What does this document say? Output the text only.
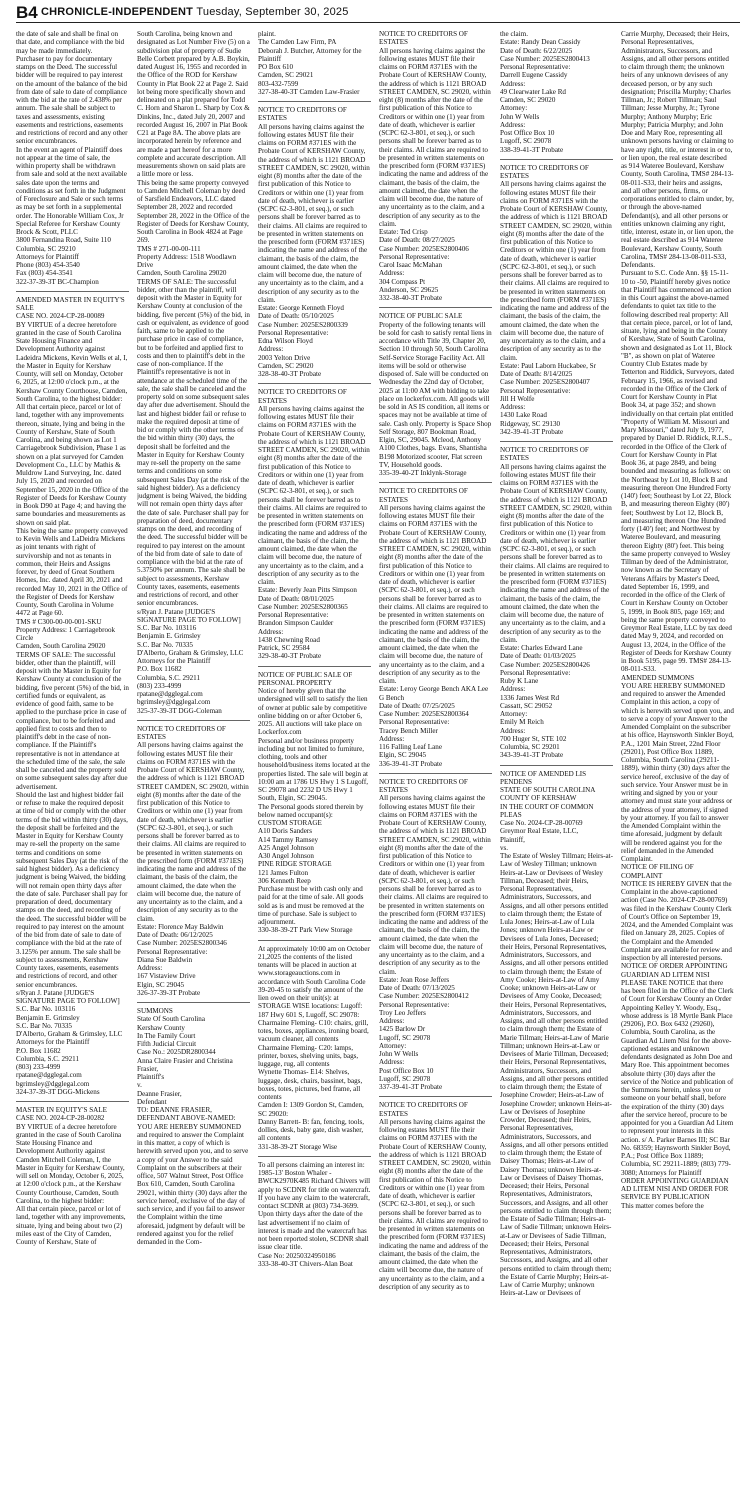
B4 CHRONICLE-INDEPENDENT Tuesday, September 30, 2025

the date of sale and shall be final on that date, and compliance with the bid may be made immediately.
Purchaser to pay for documentary stamps on the Deed. The successful bidder will be required to pay interest on the amount of the balance of the bid from date of sale to date of compliance with the bid at the rate of 2.438% per annum. The sale shall be subject to taxes and assessments, existing easements and restrictions, easements and restrictions of record and any other senior encumbrances.
In the event an agent of Plaintiff does not appear at the time of sale, the within property shall be withdrawn from sale and sold at the next available sales date upon the terms and conditions as set forth in the Judgment of Foreclosure and Sale or such terms as may be set forth in a supplemental order. The Honorable William Cox, Jr Special Referee for Kershaw County
Brock & Scott, PLLC
3800 Fernandina Road, Suite 110
Columbia, SC 29210
Attorneys for Plaintiff
Phone (803) 454-3540
Fax (803) 454-3541
322-37-39-3T BC-Champion

AMENDED MASTER IN EQUITY'S SALE
CASE NO. 2024-CP-28-00089
BY VIRTUE of a decree heretofore granted in the case of South Carolina State Housing Finance and Development Authority against Ladeidra Mickens, Kevin Wells et al, I, the Master in Equity for Kershaw County, will sell on Monday, October 6, 2025, at 12:00 o'clock p.m., at the Kershaw County Courthouse, Camden, South Carolina, to the highest bidder:
All that certain piece, parcel or lot of land, together with any improvements thereon, situate, lying and being in the County of Kershaw, State of South Carolina, and being shown as Lot 1 Carriagebrook Subdivision, Phase 1 as shown on a plat surveyed for Camden Development Co., LLC by Mathis & Muldrow Land Surveying, Inc. dated July 15, 2020 and recorded on September 15, 2020 in the Office of the Register of Deeds for Kershaw County in Book D90 at Page 4; and having the same boundaries and measurements as shown on said plat.
This being the same property conveyed to Kevin Wells and LaDeidra Mickens as joint tenants with right of survivorship and not as tenants in common, their Heirs and Assigns forever, by deed of Great Southern Homes, Inc. dated April 30, 2021 and recorded May 10, 2021 in the Office of the Register of Deeds for Kershaw County, South Carolina in Volume 4472 at Page 60.
TMS # C300-00-00-001-SKU
Property Address: 1 Carriagebrook Circle
Camden, South Carolina 29020
TERMS OF SALE: The successful bidder, other than the plaintiff, will deposit with the Master in Equity for Kershaw County at conclusion of the bidding, five percent (5%) of the bid, in certified funds or equivalent, as evidence of good faith, same to be applied to the purchase price in case of compliance, but to be forfeited and applied first to costs and then to plaintiff's debt in the case of non-compliance. If the Plaintiff's representative is not in attendance at the scheduled time of the sale, the sale shall be canceled and the property sold on some subsequent sales day after due advertisement.
Should the last and highest bidder fail or refuse to make the required deposit at time of bid or comply with the other terms of the bid within thirty (30) days, the deposit shall be forfeited and the Master in Equity for Kershaw County may re-sell the property on the same terms and conditions on some subsequent Sales Day (at the risk of the said highest bidder). As a deficiency judgment is being Waived, the bidding will not remain open thirty days after the date of sale. Purchaser shall pay for preparation of deed, documentary stamps on the deed, and recording of the deed. The successful bidder will be required to pay interest on the amount of the bid from date of sale to date of compliance with the bid at the rate of 3.125% per annum. The sale shall be subject to assessments, Kershaw County taxes, easements, easements and restrictions of record, and other senior encumbrances.
s/Ryan J. Patane [JUDGE'S SIGNATURE PAGE TO FOLLOW]
S.C. Bar No. 103116
Benjamin E. Grimsley
S.C. Bar No. 70335
D'Alberto, Graham & Grimsley, LLC
Attorneys for the Plaintiff
P.O. Box 11682
Columbia, S.C. 29211
(803) 233-4999
rpatane@dgglegal.com
bgrimsley@dgglegal.com
324-37-39-3T DGG-Mickens

MASTER IN EQUITY'S SALE
CASE NO. 2024-CP-28-00282
BY VIRTUE of a decree heretofore granted in the case of South Carolina State Housing Finance and Development Authority against Camden Mitchell Coleman, I, the Master in Equity for Kershaw County, will sell on Monday, October 6, 2025, at 12:00 o'clock p.m., at the Kershaw County Courthouse, Camden, South Carolina, to the highest bidder:
All that certain piece, parcel or lot of land, together with any improvements, situate, lying and being about two (2) miles east of the City of Camden, County of Kershaw, State of

South Carolina, being known and designated as Lot Number Five (5) on a subdivision plat of property of Sudie Belle Corbett prepared by A.B. Boykin, dated August 16, 1955 and recorded in the Office of the ROD for Kershaw County in Plat Book 22 at Page 2. Said lot being more specifically shown and delineated on a plat prepared for Todd C. Horn and Sharon L. Sharp by Cox & Dinkins, Inc., dated July 20, 2007 and recorded August 16, 2007 in Plat Book C21 at Page 8A. The above plats are incorporated herein by reference and are made a part hereof for a more complete and accurate description. All measurements shown on said plats are a little more or less.
This being the same property conveyed to Camden Mitchell Coleman by deed of Sarsfield Endeavors, LLC dated September 28, 2022 and recorded September 28, 2022 in the Office of the Register of Deeds for Kershaw County, South Carolina in Book 4824 at Page 269.
TMS # 271-00-00-111
Property Address: 1518 Woodlawn Drive
Camden, South Carolina 29020
TERMS OF SALE: The successful bidder, other than the plaintiff, will deposit with the Master in Equity for Kershaw County at conclusion of the bidding, five percent (5%) of the bid, in cash or equivalent, as evidence of good faith, same to be applied to the purchase price in case of compliance, but to be forfeited and applied first to costs and then to plaintiff's debt in the case of non-compliance. If the Plaintiff's representative is not in attendance at the scheduled time of the sale, the sale shall be canceled and the property sold on some subsequent sales day after due advertisement. Should the last and highest bidder fail or refuse to make the required deposit at time of bid or comply with the other terms of the bid within thirty (30) days, the deposit shall be forfeited and the Master in Equity for Kershaw County may re-sell the property on the same terms and conditions on some subsequent Sales Day (at the risk of the said highest bidder). As a deficiency judgment is being Waived, the bidding will not remain open thirty days after the date of sale. Purchaser shall pay for preparation of deed, documentary stamps on the deed, and recording of the deed. The successful bidder will be required to pay interest on the amount of the bid from date of sale to date of compliance with the bid at the rate of 5.3750% per annum. The sale shall be subject to assessments, Kershaw County taxes, easements, easements and restrictions of record, and other senior encumbrances.
s/Ryan J. Patane [JUDGE'S SIGNATURE PAGE TO FOLLOW]
S.C. Bar No. 103116
Benjamin E. Grimsley
S.C. Bar No. 70335
D'Alberto, Graham & Grimsley, LLC
Attorneys for the Plaintiff
P.O. Box 11682
Columbia, S.C. 29211
(803) 233-4999
rpatane@dgglegal.com
bgrimsley@dgglegal.com
325-37-39-3T DGG-Coleman

NOTICE TO CREDITORS OF ESTATES
All persons having claims against the following estates MUST file their claims on FORM #371ES with the Probate Court of KERSHAW County, the address of which is 1121 BROAD STREET CAMDEN, SC 29020, within eight (8) months after the date of the first publication of this Notice to Creditors or within one (1) year from date of death, whichever is earlier (SCPC 62-3-801, et seq.), or such persons shall be forever barred as to their claims. All claims are required to be presented in written statements on the prescribed form (FORM #371ES) indicating the name and address of the claimant, the basis of the claim, the amount claimed, the date when the claim will become due, the nature of any uncertainty as to the claim, and a description of any security as to the claim.
Estate: Florence May Baldwin
Date of Death: 06/12/2025
Case Number: 2025ES2800346
Personal Representative:
Diana Sue Baldwin
Address:
167 Vistaview Drive
Elgin, SC 29045
326-37-39-3T Probate

SUMMONS
State Of South Carolina
Kershaw County
In The Family Court
Fifth Judicial Circuit
Case No.: 2025DR2800344
Anna Claire Frasier and Christina Frasier,
Plaintiff's
v.
Deanne Frasier,
Defendant
TO: DEANNE FRASIER, DEFENDANT ABOVE-NAMED:
YOU ARE HEREBY SUMMONED and required to answer the Complaint in this matter, a copy of which is herewith served upon you, and to serve a copy of your Answer to the said Complaint on the subscribers at their office, 507 Walnut Street, Post Office Box 610, Camden, South Carolina 29021, within thirty (30) days after the service hereof, exclusive of the day of such service, and if you fail to answer the Complaint within the time aforesaid, judgment by default will be rendered against you for the relief demanded in the Com-

plaint.
The Camden Law Firm, PA
Deborah J. Butcher, Attorney for the Plaintiff
PO Box 610
Camden, SC 29021
803-432-7599
327-38-40-3T Camden Law-Frasier

NOTICE TO CREDITORS OF ESTATES
All persons having claims against the following estates MUST file their claims on FORM #371ES with the Probate Court of KERSHAW County, the address of which is 1121 BROAD STREET CAMDEN, SC 29020, within eight (8) months after the date of the first publication of this Notice to Creditors or within one (1) year from date of death, whichever is earlier (SCPC 62-3-801, et seq.), or such persons shall be forever barred as to their claims. All claims are required to be presented in written statements on the prescribed form (FORM #371ES) indicating the name and address of the claimant, the basis of the claim, the amount claimed, the date when the claim will become due, the nature of any uncertainty as to the claim, and a description of any security as to the claim.
Estate: George Kenneth Floyd
Date of Death: 05/10/2025
Case Number: 2025ES2800339
Personal Representative:
Edna Wilson Floyd
Address:
2003 Yelton Drive
Camden, SC 29020
328-38-40-3T Probate

NOTICE TO CREDITORS OF ESTATES
All persons having claims against the following estates MUST file their claims on FORM #371ES with the Probate Court of KERSHAW County, the address of which is 1121 BROAD STREET CAMDEN, SC 29020, within eight (8) months after the date of the first publication of this Notice to Creditors or within one (1) year from date of death, whichever is earlier (SCPC 62-3-801, et seq.), or such persons shall be forever barred as to their claims. All claims are required to be presented in written statements on the prescribed form (FORM #371ES) indicating the name and address of the claimant, the basis of the claim, the amount claimed, the date when the claim will become due, the nature of any uncertainty as to the claim, and a description of any security as to the claim.
Estate: Beverly Jean Pitts Simpson
Date of Death: 08/01/2025
Case Number: 2025ES2800365
Personal Representative:
Brandon Simpson Caulder
Address:
1438 Chewning Road
Patrick, SC 29584
329-38-40-3T Probate

NOTICE OF PUBLIC SALE OF PERSONAL PROPERTY
Notice of hereby given that the undersigned will sell to satisfy the lien of owner at public sale by competitive online bidding on or after October 6, 2025. All auctions will take place on Lockerfox.com
Personal and/or business property including but not limited to furniture, clothing, tools and other household/business items located at the properties listed. The sale will begin at 10:00 am at 1786 US Hwy 1 S Lugoff, SC 29078 and 2232 D US Hwy 1 South, Elgin, SC 29045.
The Personal goods stored therein by below named occupant(s):
CUSTOM STORAGE
A10 Doris Sanders
A14 Tammy Ramsey
A25 Angel Johnson
A30 Angel Johnson
PINE RIDGE STORAGE
121 James Fulton
306 Kenneth Reep
Purchase must be with cash only and paid for at the time of sale. All goods sold as is and must be removed at the time of purchase. Sale is subject to adjournment.
330-38-39-2T Park View Storage

At approximately 10:00 am on October 21,2025 the contents of the listed tenants will be placed in auction at www.storageauctions.com in accordance with South Carolina Code 39-20-45 to satisfy the amount of the lien owed on their unit(s): at STORAGE WISE locations: Lugoff: 187 Hwy 601 S, Lugoff, SC 29078:
Charmaine Fleming- C10: chairs, grill, totes, boxes, appliances, ironing board, vacuum cleaner, all contents
Charmaine Fleming- C20: lamps, printer, boxes, shelving units, bags, luggage, rug, all contents
Wynette Thomas- E14: Shelves, luggage, desk, chairs, bassinet, bags, boxes, totes, pictures, bed frame, all contents
Camden I: 1309 Gordon St, Camden, SC 29020:
Danny Barrett- B: fan, fencing, tools, dollies, desk, baby gate, dish washer, all contents
331-38-39-2T Storage Wise

To all persons claiming an interest in: 1985-13' Boston Whaler - BWCK2970K485 Richard Chivers will apply to SCDNR for title on watercraft. If you have any claim to the watercraft, contact SCDNR at (803) 734-3699. Upon thirty days after the date of the last advertisement if no claim of interest is made and the watercraft has not been reported stolen, SCDNR shall issue clear title.
Case No: 20250324950186
333-38-40-3T Chivers-Alan Boat

NOTICE TO CREDITORS OF ESTATES
All persons having claims against the following estates MUST file their claims on FORM #371ES with the Probate Court of KERSHAW County, the address of which is 1121 BROAD STREET CAMDEN, SC 29020, within eight (8) months after the date of the first publication of this Notice to Creditors or within one (1) year from date of death, whichever is earlier (SCPC 62-3-801, et seq.), or such persons shall be forever barred as to their claims. All claims are required to be presented in written statements on the prescribed form (FORM #371ES) indicating the name and address of the claimant, the basis of the claim, the amount claimed, the date when the claim will become due, the nature of any uncertainty as to the claim, and a description of any security as to the claim.
Estate: Ted Crisp
Date of Death: 08/27/2025
Case Number: 2025ES2800406
Personal Representative:
Carol Isaac McMahan
Address:
304 Compass Pt
Anderson, SC 29625
332-38-40-3T Probate

NOTICE OF PUBLIC SALE
Property of the following tenants will be sold for cash to satisfy rental liens in accordance with Title 39, Chapter 20, Section 10 through 50, South Carolina Self-Service Storage Facility Act. All items will be sold or otherwise disposed of. Sale will be conducted on Wednesday the 22nd day of October, 2025 at 11:00 AM with bidding to take place on lockerfox.com. All goods will be sold in AS IS condition, all items or spaces may not be available at time of sale. Cash only. Property is Space Shop Self Storage, 807 Bookman Road, Elgin, SC, 29045. Mcleod, Anthony A100 Clothes, bags. Evans, Shantisha B198 Motorized scooter, Flat screen TV, Household goods.
335-39-40-2T Inklynk-Storage

NOTICE TO CREDITORS OF ESTATES
All persons having claims against the following estates MUST file their claims on FORM #371ES with the Probate Court of KERSHAW County, the address of which is 1121 BROAD STREET CAMDEN, SC 29020, within eight (8) months after the date of the first publication of this Notice to Creditors or within one (1) year from date of death, whichever is earlier (SCPC 62-3-801, et seq.), or such persons shall be forever barred as to their claims. All claims are required to be presented in written statements on the prescribed form (FORM #371ES) indicating the name and address of the claimant, the basis of the claim, the amount claimed, the date when the claim will become due, the nature of any uncertainty as to the claim, and a description of any security as to the claim.
Estate: Leroy George Bench AKA Lee G Bench
Date of Death: 07/25/2025
Case Number: 2025ES2800364
Personal Representative:
Tracey Bench Miller
Address:
116 Falling Leaf Lane
Elgin, SC 29045
336-39-41-3T Probate

NOTICE TO CREDITORS OF ESTATES
All persons having claims against the following estates MUST file their claims on FORM #371ES with the Probate Court of KERSHAW County, the address of which is 1121 BROAD STREET CAMDEN, SC 29020, within eight (8) months after the date of the first publication of this Notice to Creditors or within one (1) year from date of death, whichever is earlier (SCPC 62-3-801, et seq.), or such persons shall be forever barred as to their claims. All claims are required to be presented in written statements on the prescribed form (FORM #371ES) indicating the name and address of the claimant, the basis of the claim, the amount claimed, the date when the claim will become due, the nature of any uncertainty as to the claim, and a description of any security as to the claim.
Estate: Jean Rose Jeffers
Date of Death: 07/13/2025
Case Number: 2025ES2800412
Personal Representative:
Troy Leo Jeffers
Address:
1425 Barlow Dr
Lugoff, SC 29078
Attorney:
John W Wells
Address:
Post Office Box 10
Lugoff, SC 29078
337-39-41-3T Probate

NOTICE TO CREDITORS OF ESTATES
All persons having claims against the following estates MUST file their claims on FORM #371ES with the Probate Court of KERSHAW County, the address of which is 1121 BROAD STREET CAMDEN, SC 29020, within eight (8) months after the date of the first publication of this Notice to Creditors or within one (1) year from date of death, whichever is earlier (SCPC 62-3-801, et seq.), or such persons shall be forever barred as to their claims. All claims are required to be presented in written statements on the prescribed form (FORM #371ES) indicating the name and address of the claimant, the basis of the claim, the amount claimed, the date when the claim will become due, the nature of any uncertainty as to the claim, and a description of any security as to

the claim.
Estate: Randy Dean Cassidy
Date of Death: 6/22/2025
Case Number: 2025ES2800413
Personal Representative:
Darrell Eugene Cassidy
Address:
49 Clearwater Lake Rd
Camden, SC 29020
Attorney:
John W Wells
Address:
Post Office Box 10
Lugoff, SC 29078
338-39-41-3T Probate

NOTICE TO CREDITORS OF ESTATES
All persons having claims against the following estates MUST file their claims on FORM #371ES with the Probate Court of KERSHAW County, the address of which is 1121 BROAD STREET CAMDEN, SC 29020, within eight (8) months after the date of the first publication of this Notice to Creditors or within one (1) year from date of death, whichever is earlier (SCPC 62-3-801, et seq.), or such persons shall be forever barred as to their claims. All claims are required to be presented in written statements on the prescribed form (FORM #371ES) indicating the name and address of the claimant, the basis of the claim, the amount claimed, the date when the claim will become due, the nature of any uncertainty as to the claim, and a description of any security as to the claim.
Estate: Paul Laborn Huckabee, Sr
Date of Death: 8/14/2025
Case Number: 2025ES2800407
Personal Representative:
Jill H Wolfe
Address:
1430 Lake Road
Ridgeway, SC 29130
342-39-41-3T Probate

NOTICE TO CREDITORS OF ESTATES
All persons having claims against the following estates MUST file their claims on FORM #371ES with the Probate Court of KERSHAW County, the address of which is 1121 BROAD STREET CAMDEN, SC 29020, within eight (8) months after the date of the first publication of this Notice to Creditors or within one (1) year from date of death, whichever is earlier (SCPC 62-3-801, et seq.), or such persons shall be forever barred as to their claims. All claims are required to be presented in written statements on the prescribed form (FORM #371ES) indicating the name and address of the claimant, the basis of the claim, the amount claimed, the date when the claim will become due, the nature of any uncertainty as to the claim, and a description of any security as to the claim.
Estate: Charles Edward Lane
Date of Death: 01/03/2025
Case Number: 2025ES2800426
Personal Representative:
Ruby K Lane
Address:
1336 James West Rd
Cassatt, SC 29052
Attorney:
Emily M Reich
Address:
700 Huger St, STE 102
Columbia, SC 29201
343-39-41-3T Probate

NOTICE OF AMENDED LIS PENDENS
STATE OF SOUTH CAROLINA
COUNTY OF KERSHAW
IN THE COURT OF COMMON PLEAS
Case No. 2024-CP-28-00769
Greymor Real Estate, LLC,
Plaintiff,
vs.
The Estate of Wesley Tillman; Heirs-at-Law of Wesley Tillman; unknown Heirs-at-Law or Devisees of Wesley Tillman, Deceased; their Heirs, Personal Representatives, Administrators, Successors, and Assigns, and all other persons entitled to claim through them; the Estate of Lula Jones; Heirs-at-Law of Lula Jones; unknown Heirs-at-Law or Devisees of Lula Jones, Deceased; their Heirs, Personal Representatives, Administrators, Successors, and Assigns, and all other persons entitled to claim through them; the Estate of Amy Cooke; Heirs-at-Law of Amy Cooke; unknown Heirs-at-Law or Devisees of Amy Cooke, Deceased; their Heirs, Personal Representatives, Administrators, Successors, and Assigns, and all other persons entitled to claim through them; the Estate of Marie Tillman; Heirs-at-Law of Marie Tillman; unknown Heirs-at-Law or Devisees of Marie Tillman, Deceased; their Heirs, Personal Representatives, Administrators, Successors, and Assigns, and all other persons entitled to claim through them; the Estate of Josephine Crowder; Heirs-at-Law of Josephine Crowder; unknown Heirs-at-Law or Devisees of Josephine Crowder, Deceased; their Heirs, Personal Representatives, Administrators, Successors, and Assigns, and all other persons entitled to claim through them; the Estate of Daisey Thomas; Heirs-at-Law of Daisey Thomas; unknown Heirs-at-Law or Devisees of Daisey Thomas, Deceased; their Heirs, Personal Representatives, Administrators, Successors, and Assigns, and all other persons entitled to claim through them; the Estate of Sadie Tillman; Heirs-at-Law of Sadie Tillman; unknown Heirs-at-Law or Devisees of Sadie Tillman, Deceased; their Heirs, Personal Representatives, Administrators, Successors, and Assigns, and all other persons entitled to claim through them; the Estate of Carrie Murphy; Heirs-at-Law of Carrie Murphy; unknown Heirs-at-Law or Devisees of

Carrie Murphy, Deceased; their Heirs, Personal Representatives, Administrators, Successors, and Assigns, and all other persons entitled to claim through them; the unknown heirs of any unknown devisees of any deceased person, or by any such designation; Priscilla Murphy; Charles Tillman, Jr.; Robert Tillman; Saul Tillman; Jesse Murphy, Jr.; Tyrone Murphy; Anthony Murphy; Eric Murphy; Patricia Murphy; and John Doe and Mary Roe, representing all unknown persons having or claiming to have any right, title, or interest in or to, or lien upon, the real estate described as 914 Wateree Boulevard, Kershaw County, South Carolina, TMS# 284-13-08-011-S33, their heirs and assigns, and all other persons, firms, or corporations entitled to claim under, by, or through the above-named Defendant(s), and all other persons or entities unknown claiming any right, title, interest, estate in, or lien upon, the real estate described as 914 Wateree Boulevard, Kershaw County, South Carolina, TMS# 284-13-08-011-S33,
Defendants.
Pursuant to S.C. Code Ann. §§ 15-11-10 to -50, Plaintiff hereby gives notice that Plaintiff has commenced an action in this Court against the above-named defendants to quiet tax title to the following described real property: All that certain piece, parcel, or lot of land, situate, lying and being in the County of Kershaw, State of South Carolina, shown and designated as Lot 11, Block "B", as shown on plat of Wateree Country Club Estates made by Tetterton and Riddick, Surveyors, dated February 15, 1966, as revised and recorded in the Office of the Clerk of Court for Kershaw County in Plat Book 34, at page 352; and shown individually on that certain plat entitled "Property of William M. Missouri and Mary Missouri," dated July 9, 1977, prepared by Daniel D. Riddick, R.L.S., recorded in the Office of the Clerk of Court for Kershaw County in Plat Book 36, at page 2849, and being bounded and measuring as follows: on the Northeast by Lot 10, Block B and measuring thereon One Hundred Forty (140') feet; Southeast by Lot 22, Block B, and measuring thereon Eighty (80') feet; Southwest by Lot 12, Block B, and measuring thereon One Hundred forty (140') feet; and Northwest by Wateree Boulevard, and measuring thereon Eighty (80') feet. This being the same property conveyed to Wesley Tillman by deed of the Administrator, now known as the Secretary of Veterans Affairs by Master's Deed, dated September 16, 1999, and recorded in the office of the Clerk of Court in Kershaw County on October 5, 1999, in Book 805, page 169; and being the same property conveyed to Greymor Real Estate, LLC by tax deed dated May 9, 2024, and recorded on August 13, 2024, in the Office of the Register of Deeds for Kershaw County in Book 5195, page 99. TMS# 284-13-08-011-S33.
AMENDED SUMMONS
YOU ARE HEREBY SUMMONED and required to answer the Amended Complaint in this action, a copy of which is herewith served upon you, and to serve a copy of your Answer to the Amended Complaint on the subscriber at his office, Haynsworth Sinkler Boyd, P.A., 1201 Main Street, 22nd Floor (29201), Post Office Box 11889, Columbia, South Carolina (29211-1889), within thirty (30) days after the service hereof, exclusive of the day of such service. Your Answer must be in writing and signed by you or your attorney and must state your address or the address of your attorney, if signed by your attorney. If you fail to answer the Amended Complaint within the time aforesaid, judgment by default will be rendered against you for the relief demanded in the Amended Complaint.
NOTICE OF FILING OF COMPLAINT
NOTICE IS HEREBY GIVEN that the Complaint in the above-captioned action (Case No. 2024-CP-28-00769) was filed in the Kershaw County Clerk of Court's Office on September 19, 2024, and the Amended Complaint was filed on January 28, 2025. Copies of the Complaint and the Amended Complaint are available for review and inspection by all interested persons.
NOTICE OF ORDER APPOINTING GUARDIAN AD LITEM NISI
PLEASE TAKE NOTICE that there has been filed in the Office of the Clerk of Court for Kershaw County an Order Appointing Kelley Y. Woody, Esq., whose address is 18 Myrtle Bank Place (29206), P.O. Box 6432 (29260), Columbia, South Carolina, as the Guardian Ad Litem Nisi for the above-captioned estates and unknown defendants designated as John Doe and Mary Roe. This appointment becomes absolute thirty (30) days after the service of the Notice and publication of the Summons herein, unless you or someone on your behalf shall, before the expiration of the thirty (30) days after the service hereof, procure to be appointed for you a Guardian Ad Litem to represent your interests in this action. s/ A. Parker Barnes III; SC Bar No. 68359; Haynsworth Sinkler Boyd, P.A.; Post Office Box 11889; Columbia, SC 29211-1889; (803) 779-3080; Attorneys for Plaintiff
ORDER APPOINTING GUARDIAN AD LITEM NISI AND ORDER FOR SERVICE BY PUBLICATION
This matter comes before the
